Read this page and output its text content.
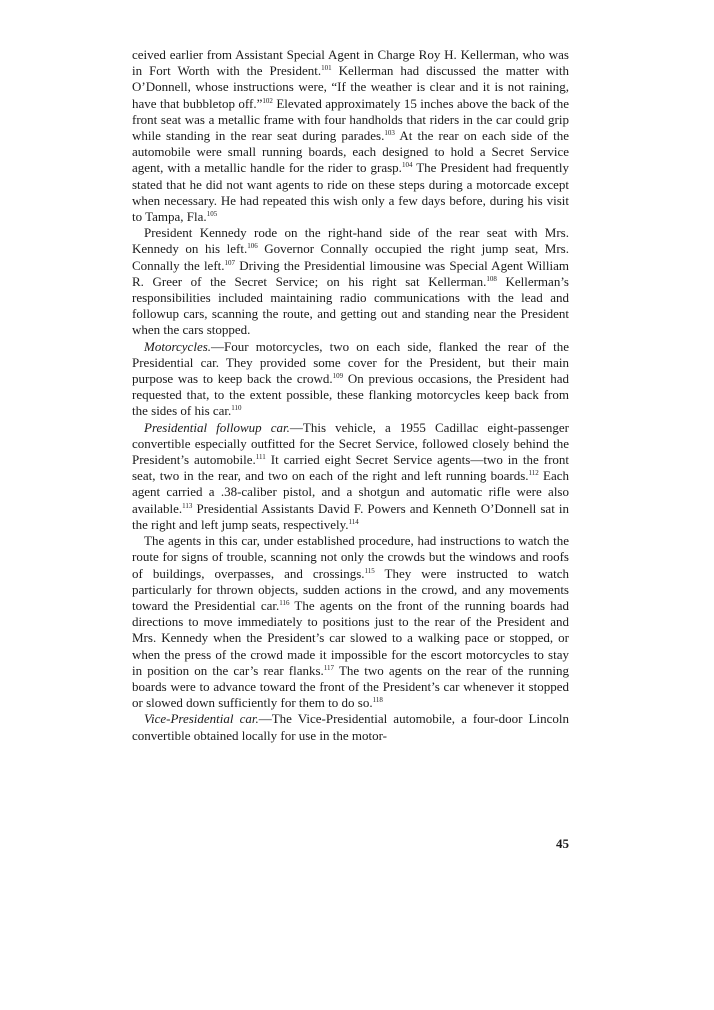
ceived earlier from Assistant Special Agent in Charge Roy H. Kellerman, who was in Fort Worth with the President.$^{101}$ Kellerman had discussed the matter with O’Donnell, whose instructions were, “If the weather is clear and it is not raining, have that bubbletop off.”$^{102}$ Elevated approximately 15 inches above the back of the front seat was a metallic frame with four handholds that riders in the car could grip while standing in the rear seat during parades.$^{103}$ At the rear on each side of the automobile were small running boards, each designed to hold a Secret Service agent, with a metallic handle for the rider to grasp.$^{104}$ The President had frequently stated that he did not want agents to ride on these steps during a motorcade except when necessary. He had repeated this wish only a few days before, during his visit to Tampa, Fla.$^{105}$

President Kennedy rode on the right-hand side of the rear seat with Mrs. Kennedy on his left.$^{106}$ Governor Connally occupied the right jump seat, Mrs. Connally the left.$^{107}$ Driving the Presidential limousine was Special Agent William R. Greer of the Secret Service; on his right sat Kellerman.$^{108}$ Kellerman’s responsibilities included maintaining radio communications with the lead and followup cars, scanning the route, and getting out and standing near the President when the cars stopped.

Motorcycles.—Four motorcycles, two on each side, flanked the rear of the Presidential car. They provided some cover for the President, but their main purpose was to keep back the crowd.$^{109}$ On previous occasions, the President had requested that, to the extent possible, these flanking motorcycles keep back from the sides of his car.$^{110}$

Presidential followup car.—This vehicle, a 1955 Cadillac eight-passenger convertible especially outfitted for the Secret Service, followed closely behind the President’s automobile.$^{111}$ It carried eight Secret Service agents—two in the front seat, two in the rear, and two on each of the right and left running boards.$^{112}$ Each agent carried a .38-caliber pistol, and a shotgun and automatic rifle were also available.$^{113}$ Presidential Assistants David F. Powers and Kenneth O’Donnell sat in the right and left jump seats, respectively.$^{114}$

The agents in this car, under established procedure, had instructions to watch the route for signs of trouble, scanning not only the crowds but the windows and roofs of buildings, overpasses, and crossings.$^{115}$ They were instructed to watch particularly for thrown objects, sudden actions in the crowd, and any movements toward the Presidential car.$^{116}$ The agents on the front of the running boards had directions to move immediately to positions just to the rear of the President and Mrs. Kennedy when the President’s car slowed to a walking pace or stopped, or when the press of the crowd made it impossible for the escort motorcycles to stay in position on the car’s rear flanks.$^{117}$ The two agents on the rear of the running boards were to advance toward the front of the President’s car whenever it stopped or slowed down sufficiently for them to do so.$^{118}$

Vice-Presidential car.—The Vice-Presidential automobile, a four-door Lincoln convertible obtained locally for use in the motor-

45
